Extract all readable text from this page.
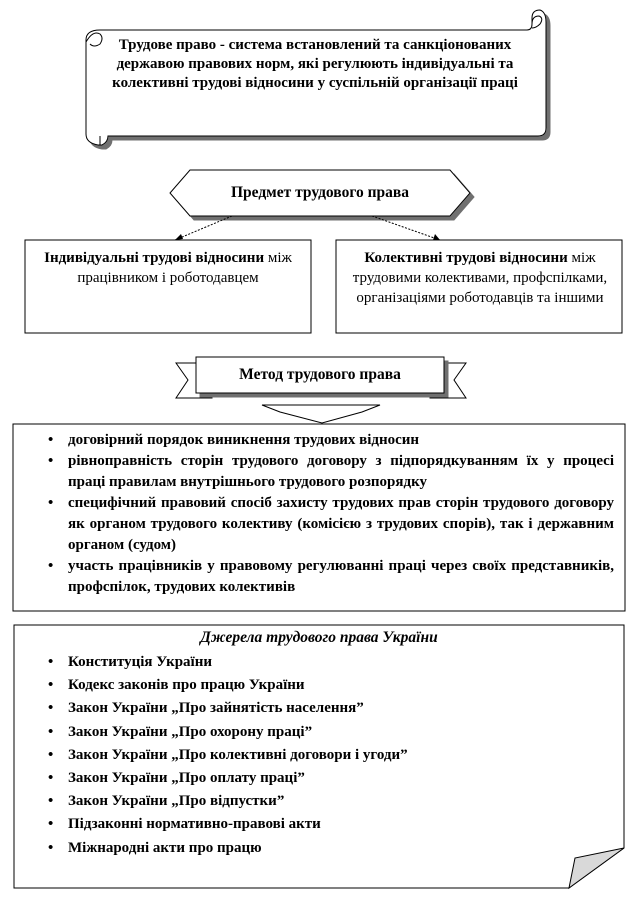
Трудове право - система встановлений та санкціонованих державою правових норм, які регулюють індивідуальні та колективні трудові відносини у суспільній організації праці
Предмет трудового права
Індивідуальні трудові відносини між працівником і роботодавцем
Колективні трудові відносини між трудовими колективами, профспілками, організаціями роботодавців та іншими
Метод трудового права
• договірний порядок виникнення трудових відносин
• рівноправність сторін трудового договору з підпорядкуванням їх у процесі праці правилам внутрішнього трудового розпорядку
• специфічний правовий спосіб захисту трудових прав сторін трудового договору як органом трудового колективу (комісією з трудових спорів), так і державним органом (судом)
• участь працівників у правовому регулюванні праці через своїх представників, профспілок, трудових колективів
Джерела трудового права України
• Конституція України
• Кодекс законів про працю України
• Закон України „Про зайнятість населення”
• Закон України „Про охорону праці”
• Закон України „Про колективні договори і угоди”
• Закон України „Про оплату праці”
• Закон України „Про відпустки”
• Підзаконні нормативно-правові акти
• Міжнародні акти про працю
